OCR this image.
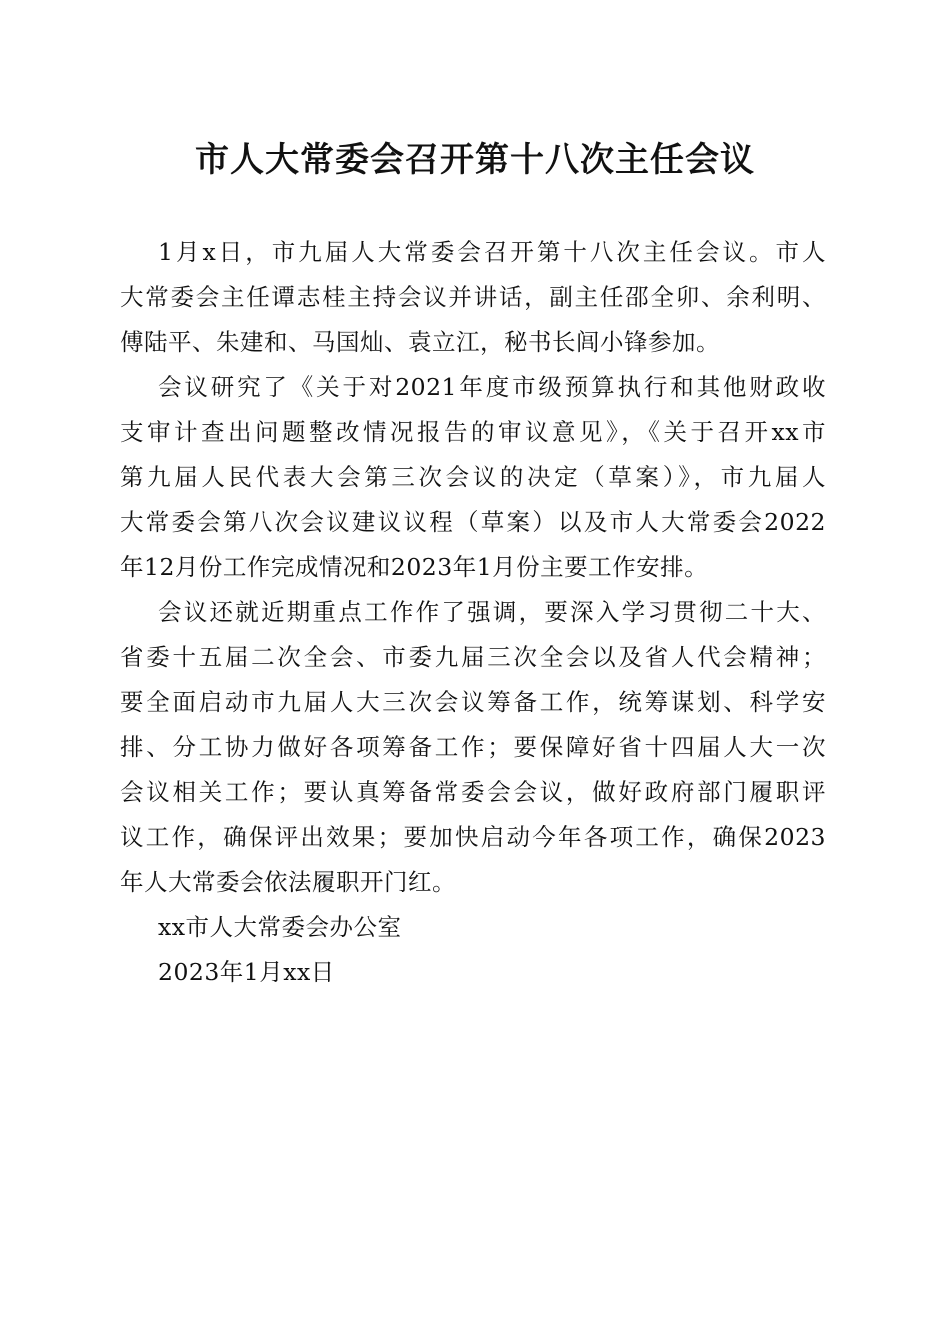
市人大常委会召开第十八次主任会议
1月x日，市九届人大常委会召开第十八次主任会议。市人
大常委会主任谭志桂主持会议并讲话，副主任邵全卯、余利明、
傅陆平、朱建和、马国灿、袁立江，秘书长闾小锋参加。
会议研究了《关于对2021年度市级预算执行和其他财政收
支审计查出问题整改情况报告的审议意见》，《关于召开xx市
第九届人民代表大会第三次会议的决定（草案）》，市九届人
大常委会第八次会议建议议程（草案）以及市人大常委会2022
年12月份工作完成情况和2023年1月份主要工作安排。
会议还就近期重点工作作了强调，要深入学习贯彻二十大、
省委十五届二次全会、市委九届三次全会以及省人代会精神；
要全面启动市九届人大三次会议筹备工作，统筹谋划、科学安
排、分工协力做好各项筹备工作；要保障好省十四届人大一次
会议相关工作；要认真筹备常委会会议，做好政府部门履职评
议工作，确保评出效果；要加快启动今年各项工作，确保2023
年人大常委会依法履职开门红。
xx市人大常委会办公室
2023年1月xx日
